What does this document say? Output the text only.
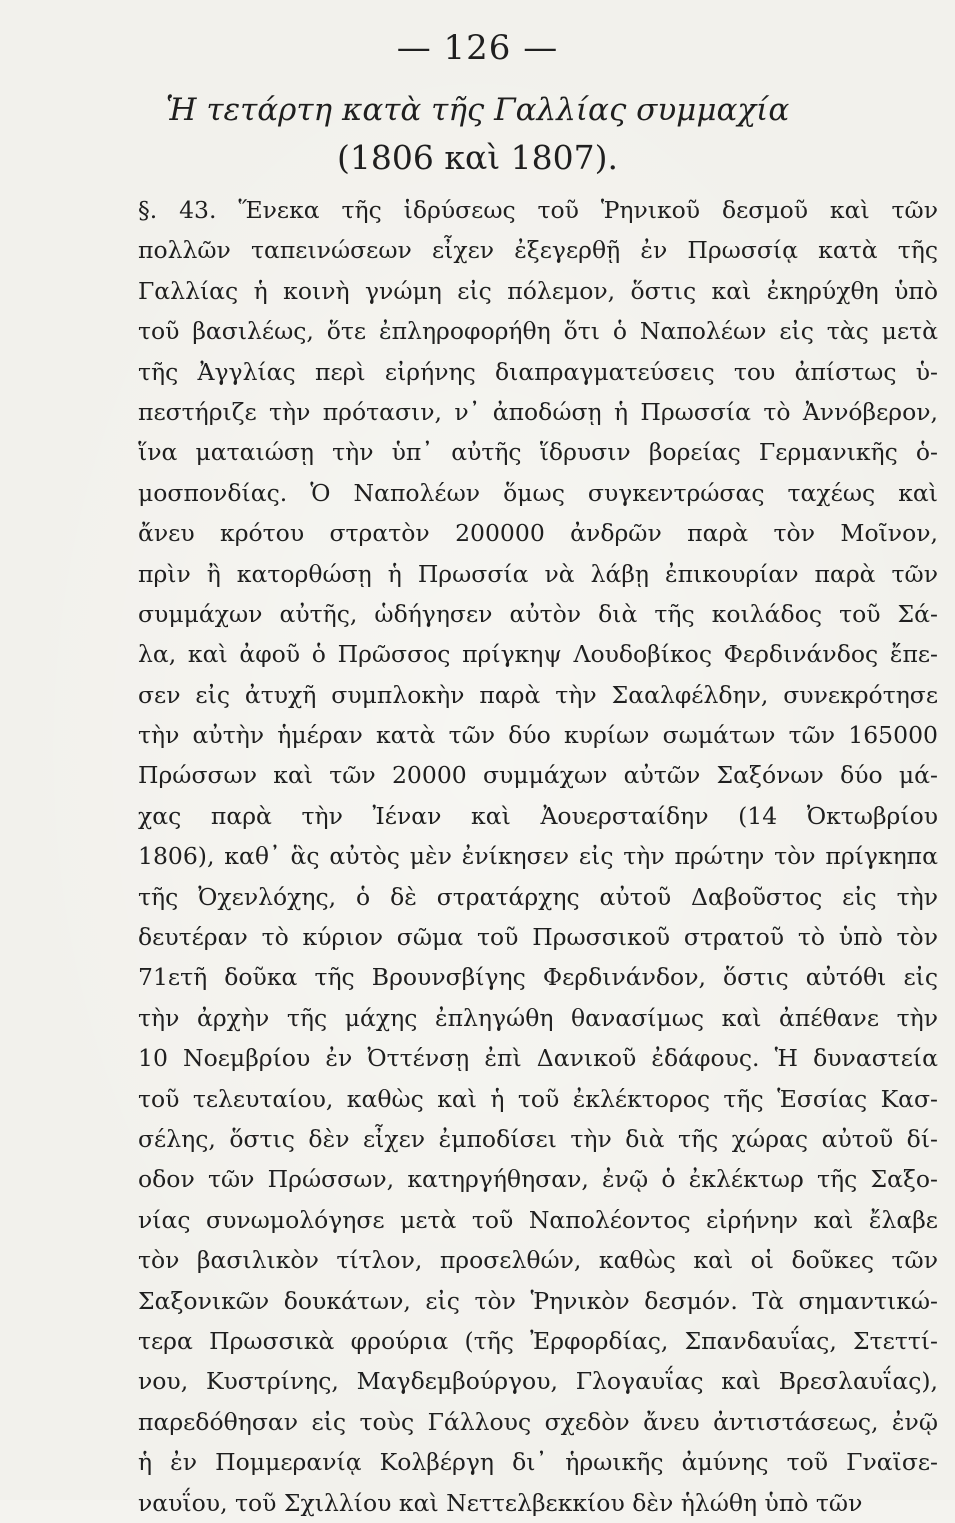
— 126 —
Ἡ τετάρτη κατὰ τῆς Γαλλίας συμμαχία
(1806 καὶ 1807).
§. 43. Ἕνεκα τῆς ἱδρύσεως τοῦ Ῥηνικοῦ δεσμοῦ καὶ τῶν
πολλῶν ταπεινώσεων εἶχεν ἐξεγερθῇ ἐν Πρωσσίᾳ κατὰ τῆς
Γαλλίας ἡ κοινὴ γνώμη εἰς πόλεμον, ὅστις καὶ ἐκηρύχθη ὑπὸ
τοῦ βασιλέως, ὅτε ἐπληροφορήθη ὅτι ὁ Ναπολέων εἰς τὰς μετὰ
τῆς Ἀγγλίας περὶ εἰρήνης διαπραγματεύσεις του ἀπίστως ὑ-
πεστήριζε τὴν πρότασιν, ν᾽ ἀποδώσῃ ἡ Πρωσσία τὸ Ἀννόβερον,
ἵνα ματαιώσῃ τὴν ὑπ᾽ αὐτῆς ἵδρυσιν βορείας Γερμανικῆς ὁ-
μοσπονδίας. Ὁ Ναπολέων ὅμως συγκεντρώσας ταχέως καὶ
ἄνευ κρότου στρατὸν 200000 ἀνδρῶν παρὰ τὸν Μοῖνον,
πρὶν ἢ κατορθώσῃ ἡ Πρωσσία νὰ λάβῃ ἐπικουρίαν παρὰ τῶν
συμμάχων αὐτῆς, ὡδήγησεν αὐτὸν διὰ τῆς κοιλάδος τοῦ Σά-
λα, καὶ ἀφοῦ ὁ Πρῶσσος πρίγκηψ Λουδοβίκος Φερδινάνδος ἔπε-
σεν εἰς ἀτυχῆ συμπλοκὴν παρὰ τὴν Σααλφέλδην, συνεκρότησε
τὴν αὐτὴν ἡμέραν κατὰ τῶν δύο κυρίων σωμάτων τῶν 165000
Πρώσσων καὶ τῶν 20000 συμμάχων αὐτῶν Σαξόνων δύο μά-
χας παρὰ τὴν Ἰέναν καὶ Ἀουερσταίδην (14 Ὀκτωβρίου
1806), καθ᾽ ἃς αὐτὸς μὲν ἐνίκησεν εἰς τὴν πρώτην τὸν πρίγκηπα
τῆς Ὀχενλόχης, ὁ δὲ στρατάρχης αὐτοῦ Δαβοῦστος εἰς τὴν
δευτέραν τὸ κύριον σῶμα τοῦ Πρωσσικοῦ στρατοῦ τὸ ὑπὸ τὸν
71ετῆ δοῦκα τῆς Βρουνσβίγης Φερδινάνδον, ὅστις αὐτόθι εἰς
τὴν ἀρχὴν τῆς μάχης ἐπληγώθη θανασίμως καὶ ἀπέθανε τὴν
10 Νοεμβρίου ἐν Ὀττένσῃ ἐπὶ Δανικοῦ ἐδάφους. Ἡ δυναστεία
τοῦ τελευταίου, καθὼς καὶ ἡ τοῦ ἐκλέκτορος τῆς Ἑσσίας Κασ-
σέλης, ὅστις δὲν εἶχεν ἐμποδίσει τὴν διὰ τῆς χώρας αὐτοῦ δί-
οδον τῶν Πρώσσων, κατηργήθησαν, ἐνῷ ὁ ἐκλέκτωρ τῆς Σαξο-
νίας συνωμολόγησε μετὰ τοῦ Ναπολέοντος εἰρήνην καὶ ἔλαβε
τὸν βασιλικὸν τίτλον, προσελθών, καθὼς καὶ οἱ δοῦκες τῶν
Σαξονικῶν δουκάτων, εἰς τὸν Ῥηνικὸν δεσμόν. Τὰ σημαντικώ-
τερα Πρωσσικὰ φρούρια (τῆς Ἐρφορδίας, Σπανδαυΐας, Στεττί-
νου, Κυστρίνης, Μαγδεμβούργου, Γλογαυΐας καὶ Βρεσλαυΐας),
παρεδόθησαν εἰς τοὺς Γάλλους σχεδὸν ἄνευ ἀντιστάσεως, ἐνῷ
ἡ ἐν Πομμερανίᾳ Κολβέργη δι᾽ ἡρωικῆς ἀμύνης τοῦ Γναϊσε-
ναυΐου, τοῦ Σχιλλίου καὶ Νεττελβεκκίου δὲν ἡλώθη ὑπὸ τῶν
